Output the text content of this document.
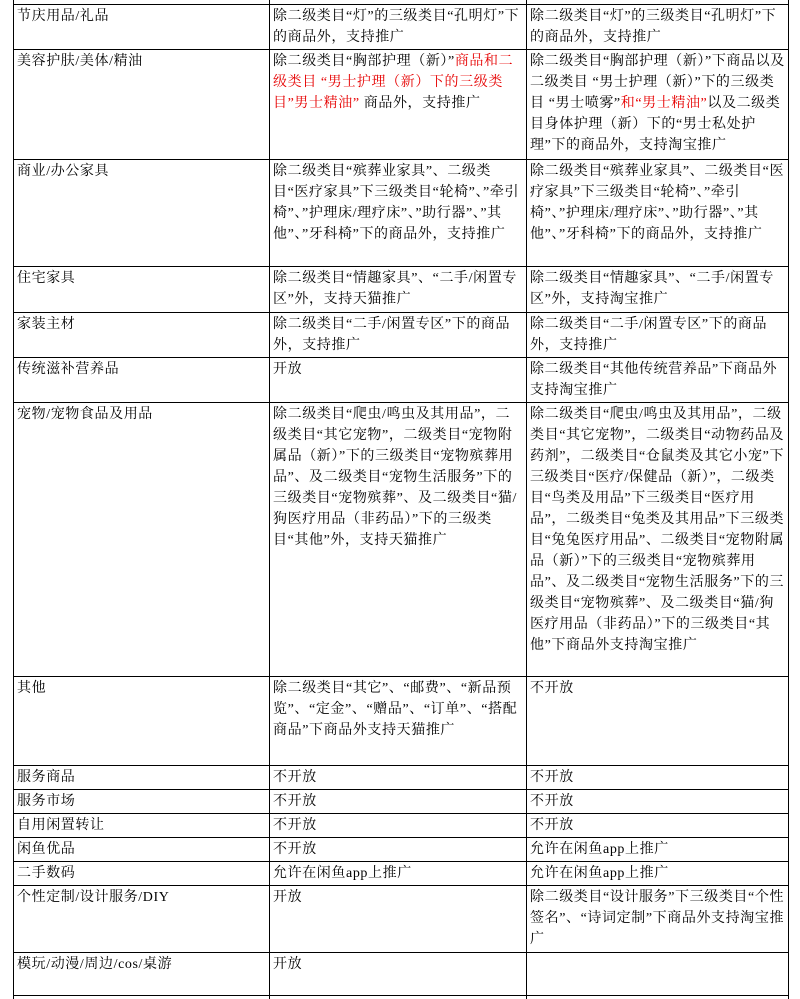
节庆用品/礼品	除二级类目“灯”的三级类目“孔明灯”下的商品外，支持推广	除二级类目“灯”的三级类目“孔明灯”下的商品外，支持推广
美容护肤/美体/精油	除二级类目“胸部护理（新）”商品和二级类目 “男士护理（新）下的三级类目”男士精油” 商品外，支持推广	除二级类目“胸部护理（新）”下商品以及二级类目 “男士护理（新）”下的三级类目 “男士喷雾”和“男士精油”以及二级类目身体护理（新）下的“男士私处护理”下的商品外，支持淘宝推广
商业/办公家具	除二级类目“殡葬业家具”、二级类目“医疗家具”下三级类目“轮椅”、”牵引椅”、”护理床/理疗床”、”助行器”、”其他”、”牙科椅”下的商品外，支持推广	除二级类目“殡葬业家具”、二级类目“医疗家具”下三级类目“轮椅”、”牵引椅”、”护理床/理疗床”、”助行器”、”其他”、”牙科椅”下的商品外，支持推广
住宅家具	除二级类目“情趣家具”、“二手/闲置专区”外，支持天猫推广	除二级类目“情趣家具”、“二手/闲置专区”外，支持淘宝推广
家装主材	除二级类目“二手/闲置专区”下的商品外，支持推广	除二级类目“二手/闲置专区”下的商品外，支持推广
传统滋补营养品	开放	除二级类目“其他传统营养品”下商品外支持淘宝推广
宠物/宠物食品及用品	除二级类目“爬虫/鸣虫及其用品”，二级类目“其它宠物”，二级类目“宠物附属品（新）”下的三级类目“宠物殡葬用品”、及二级类目“宠物生活服务”下的三级类目“宠物殡葬”、及二级类目“猫/狗医疗用品（非药品）”下的三级类目“其他”外，支持天猫推广	除二级类目“爬虫/鸣虫及其用品”，二级类目“其它宠物”，二级类目“动物药品及药剂”，二级类目“仓鼠类及其它小宠”下三级类目“医疗/保健品（新）”，二级类目“鸟类及用品”下三级类目“医疗用品”，二级类目“兔类及其用品”下三级类目“兔兔医疗用品”、二级类目“宠物附属品（新）”下的三级类目“宠物殡葬用品”、及二级类目“宠物生活服务”下的三级类目“宠物殡葬”、及二级类目“猫/狗医疗用品（非药品）”下的三级类目“其他”下商品外支持淘宝推广
其他	除二级类目“其它”、“邮费”、“新品预览”、“定金”、“赠品”、“订单”、“搭配商品”下商品外支持天猫推广	不开放
服务商品	不开放	不开放
服务市场	不开放	不开放
自用闲置转让	不开放	不开放
闲鱼优品	不开放	允许在闲鱼app上推广
二手数码	允许在闲鱼app上推广	允许在闲鱼app上推广
个性定制/设计服务/DIY	开放	除二级类目“设计服务”下三级类目“个性签名”、“诗词定制”下商品外支持淘宝推广
模玩/动漫/周边/cos/桌游	开放	
